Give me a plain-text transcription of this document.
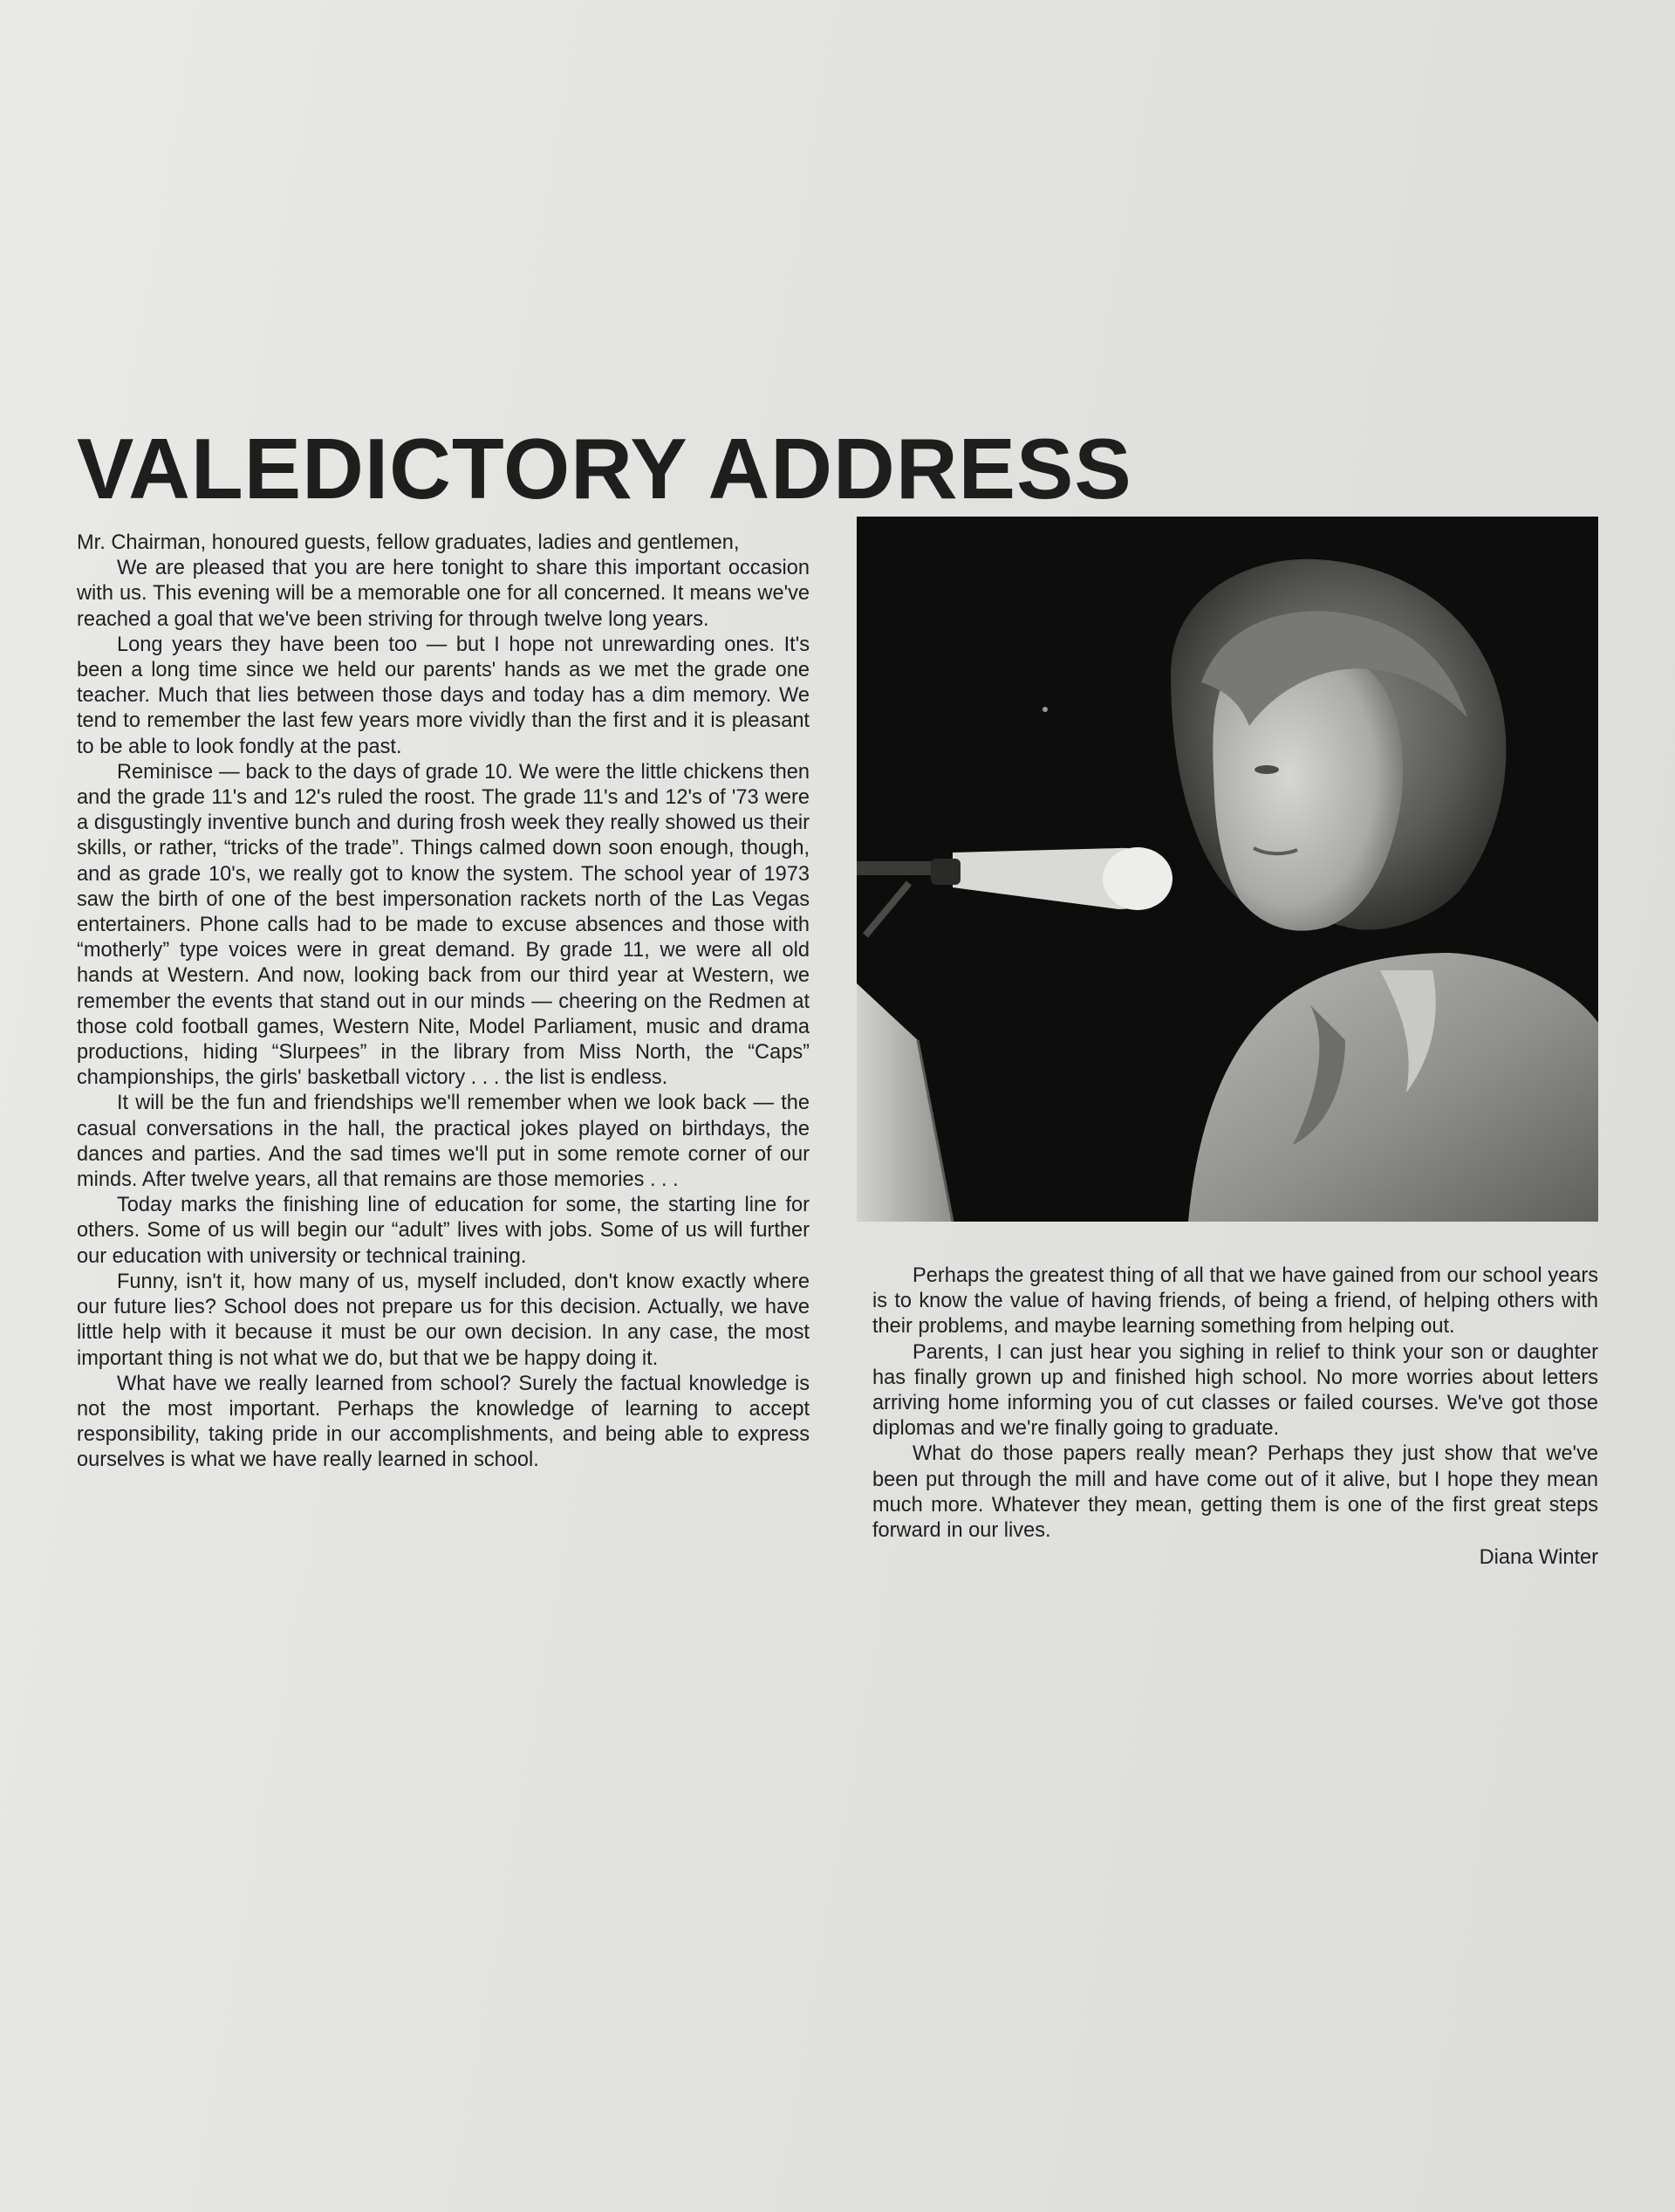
VALEDICTORY ADDRESS

Mr. Chairman, honoured guests, fellow graduates, ladies and gentlemen,

We are pleased that you are here tonight to share this important occasion with us. This evening will be a memorable one for all concerned. It means we've reached a goal that we've been striving for through twelve long years.

Long years they have been too — but I hope not unrewarding ones. It's been a long time since we held our parents' hands as we met the grade one teacher. Much that lies between those days and today has a dim memory. We tend to remember the last few years more vividly than the first and it is pleasant to be able to look fondly at the past.

Reminisce — back to the days of grade 10. We were the little chickens then and the grade 11's and 12's ruled the roost. The grade 11's and 12's of '73 were a disgustingly inventive bunch and during frosh week they really showed us their skills, or rather, “tricks of the trade”. Things calmed down soon enough, though, and as grade 10's, we really got to know the system. The school year of 1973 saw the birth of one of the best impersonation rackets north of the Las Vegas entertainers. Phone calls had to be made to excuse absences and those with “motherly” type voices were in great demand. By grade 11, we were all old hands at Western. And now, looking back from our third year at Western, we remember the events that stand out in our minds — cheering on the Redmen at those cold football games, Western Nite, Model Parliament, music and drama productions, hiding “Slurpees” in the library from Miss North, the “Caps” championships, the girls' basketball victory . . . the list is endless.

It will be the fun and friendships we'll remember when we look back — the casual conversations in the hall, the practical jokes played on birthdays, the dances and parties. And the sad times we'll put in some remote corner of our minds. After twelve years, all that remains are those memories . . .

Today marks the finishing line of education for some, the starting line for others. Some of us will begin our “adult” lives with jobs. Some of us will further our education with university or technical training.

Funny, isn't it, how many of us, myself included, don't know exactly where our future lies? School does not prepare us for this decision. Actually, we have little help with it because it must be our own decision. In any case, the most important thing is not what we do, but that we be happy doing it.

What have we really learned from school? Surely the factual knowledge is not the most important. Perhaps the knowledge of learning to accept responsibility, taking pride in our accomplishments, and being able to express ourselves is what we have really learned in school.

Perhaps the greatest thing of all that we have gained from our school years is to know the value of having friends, of being a friend, of helping others with their problems, and maybe learning something from helping out.

Parents, I can just hear you sighing in relief to think your son or daughter has finally grown up and finished high school. No more worries about letters arriving home informing you of cut classes or failed courses. We've got those diplomas and we're finally going to graduate.

What do those papers really mean? Perhaps they just show that we've been put through the mill and have come out of it alive, but I hope they mean much more. Whatever they mean, getting them is one of the first great steps forward in our lives.

Diana Winter
